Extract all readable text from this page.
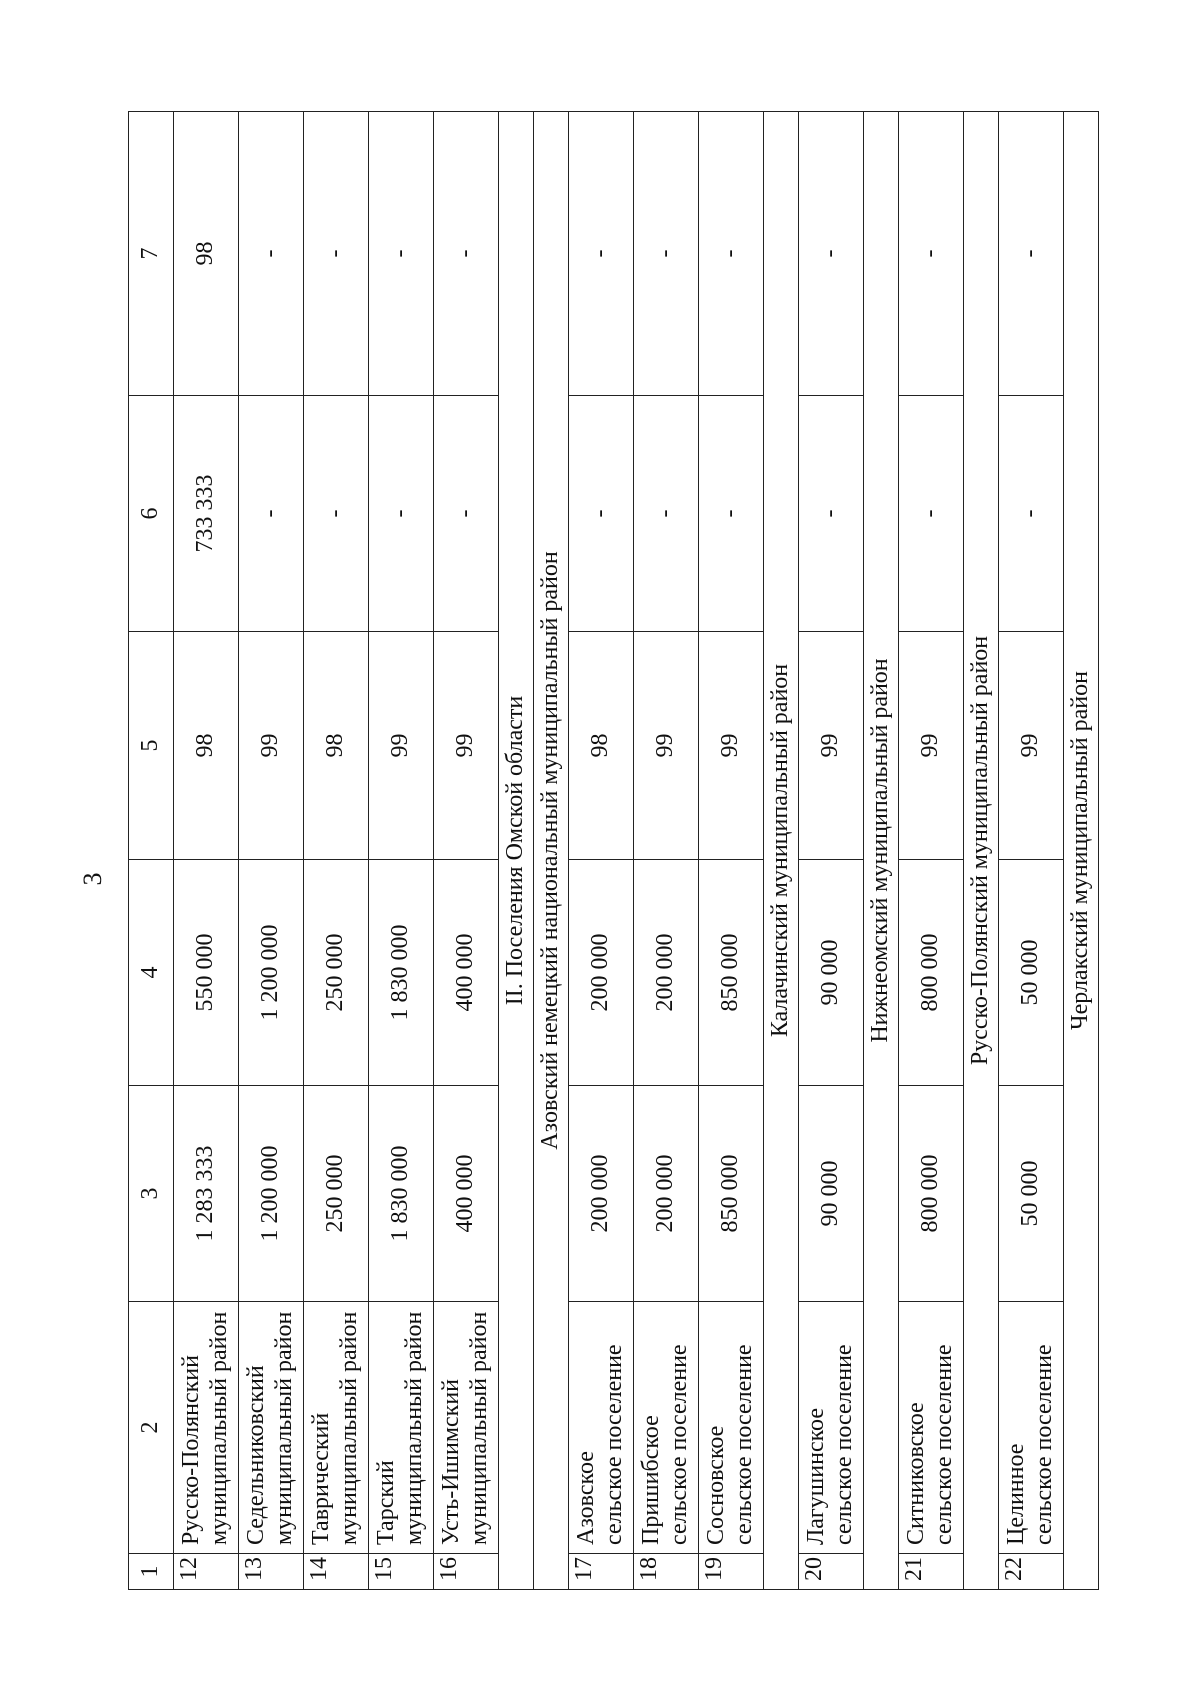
3
1	2	3	4	5	6	7
12	Русско-Полянский муниципальный район	1 283 333	550 000	98	733 333	98
13	Седельниковский муниципальный район	1 200 000	1 200 000	99	-	-
14	Таврический муниципальный район	250 000	250 000	98	-	-
15	Тарский муниципальный район	1 830 000	1 830 000	99	-	-
16	Усть-Ишимский муниципальный район	400 000	400 000	99	-	-
II. Поселения Омской области						
Азовский немецкий национальный муниципальный район						
17	Азовское сельское поселение	200 000	200 000	98	-	-
18	Пришибское сельское поселение	200 000	200 000	99	-	-
19	Сосновское сельское поселение	850 000	850 000	99	-	-
Калачинский муниципальный район						
20	Лагушинское сельское поселение	90 000	90 000	99	-	-
Нижнеомский муниципальный район						
21	Ситниковское сельское поселение	800 000	800 000	99	-	-
Русско-Полянский муниципальный район						
22	Целинное сельское поселение	50 000	50 000	99	-	-
Черлакский муниципальный район						
